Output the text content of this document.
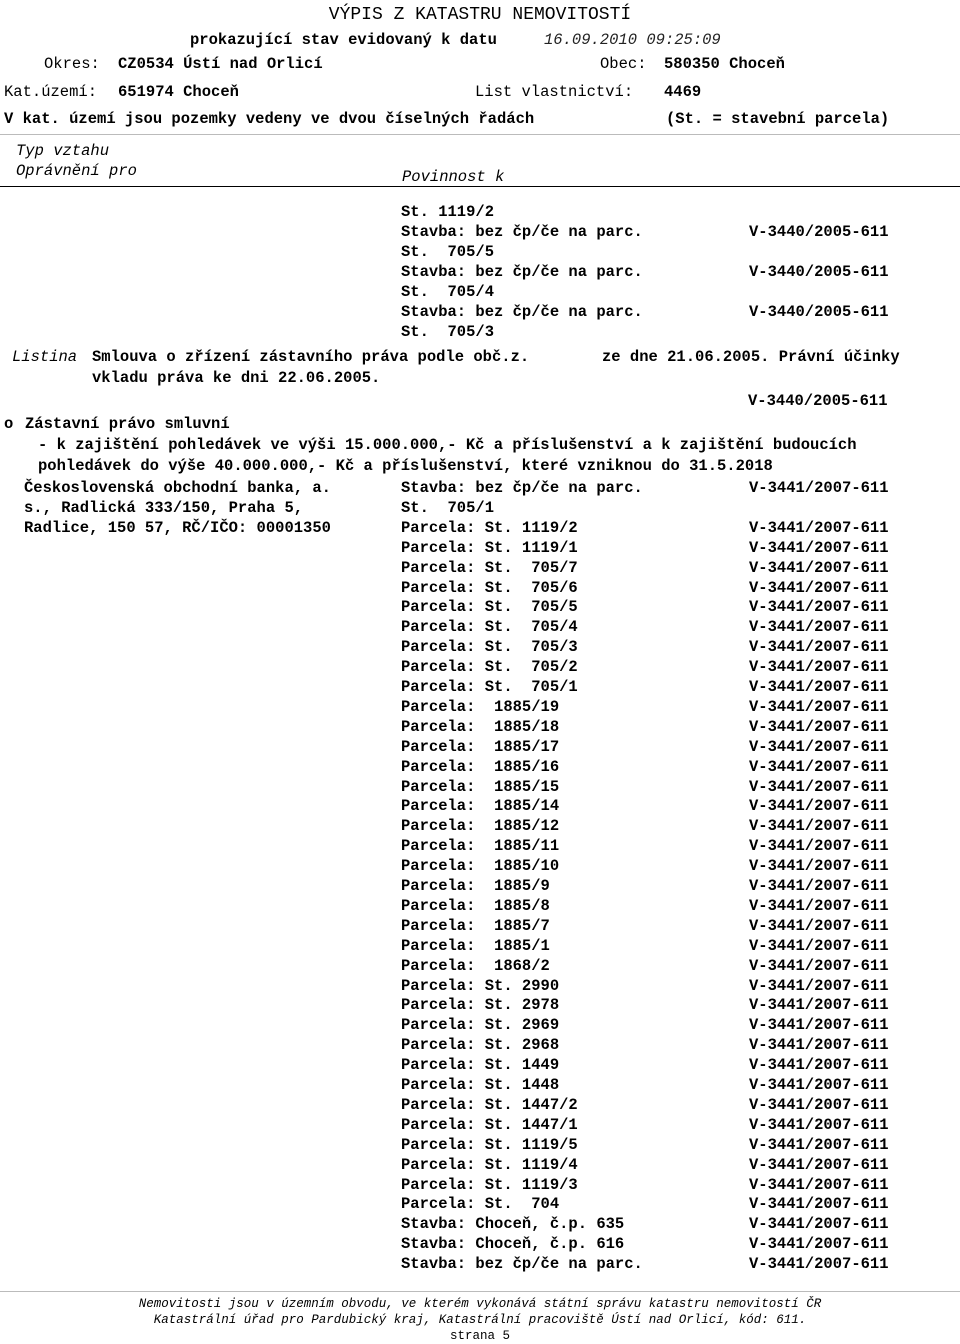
VÝPIS Z KATASTRU NEMOVITOSTÍ
prokazující stav evidovaný k datu	16.09.2010 09:25:09
Okres: CZ0534 Ústí nad Orlicí	Obec: 580350 Choceň
Kat.území: 651974 Choceň	List vlastnictví: 4469
V kat. území jsou pozemky vedeny ve dvou číselných řadách	(St. = stavební parcela)
Typ vztahu
Oprávnění pro	Povinnost k
St. 1119/2
Stavba: bez čp/če na parc.	V-3440/2005-611
St.  705/5
Stavba: bez čp/če na parc.	V-3440/2005-611
St.  705/4
Stavba: bez čp/če na parc.	V-3440/2005-611
St.  705/3
Listina Smlouva o zřízení zástavního práva podle obč.z.	ze dne 21.06.2005. Právní účinky
vkladu práva ke dni 22.06.2005.
V-3440/2005-611
o Zástavní právo smluvní
- k zajištění pohledávek ve výši 15.000.000,- Kč a příslušenství a k zajištění budoucích
pohledávek do výše 40.000.000,- Kč a příslušenství, které vzniknou do 31.5.2018
Československá obchodní banka, a.
s., Radlická 333/150, Praha 5,
Radlice, 150 57, RČ/IČO: 00001350
Stavba: bez čp/če na parc.	V-3441/2007-611
St.  705/1
Parcela: St. 1119/2	V-3441/2007-611
Parcela: St. 1119/1	V-3441/2007-611
Parcela: St.  705/7	V-3441/2007-611
Parcela: St.  705/6	V-3441/2007-611
Parcela: St.  705/5	V-3441/2007-611
Parcela: St.  705/4	V-3441/2007-611
Parcela: St.  705/3	V-3441/2007-611
Parcela: St.  705/2	V-3441/2007-611
Parcela: St.  705/1	V-3441/2007-611
Parcela:  1885/19	V-3441/2007-611
Parcela:  1885/18	V-3441/2007-611
Parcela:  1885/17	V-3441/2007-611
Parcela:  1885/16	V-3441/2007-611
Parcela:  1885/15	V-3441/2007-611
Parcela:  1885/14	V-3441/2007-611
Parcela:  1885/12	V-3441/2007-611
Parcela:  1885/11	V-3441/2007-611
Parcela:  1885/10	V-3441/2007-611
Parcela:  1885/9	V-3441/2007-611
Parcela:  1885/8	V-3441/2007-611
Parcela:  1885/7	V-3441/2007-611
Parcela:  1885/1	V-3441/2007-611
Parcela:  1868/2	V-3441/2007-611
Parcela: St. 2990	V-3441/2007-611
Parcela: St. 2978	V-3441/2007-611
Parcela: St. 2969	V-3441/2007-611
Parcela: St. 2968	V-3441/2007-611
Parcela: St. 1449	V-3441/2007-611
Parcela: St. 1448	V-3441/2007-611
Parcela: St. 1447/2	V-3441/2007-611
Parcela: St. 1447/1	V-3441/2007-611
Parcela: St. 1119/5	V-3441/2007-611
Parcela: St. 1119/4	V-3441/2007-611
Parcela: St. 1119/3	V-3441/2007-611
Parcela: St.  704	V-3441/2007-611
Stavba: Choceň, č.p. 635	V-3441/2007-611
Stavba: Choceň, č.p. 616	V-3441/2007-611
Stavba: bez čp/če na parc.	V-3441/2007-611
Nemovitosti jsou v územním obvodu, ve kterém vykonává státní správu katastru nemovitostí ČR
Katastrální úřad pro Pardubický kraj, Katastrální pracoviště Ústí nad Orlicí, kód: 611.
strana 5
